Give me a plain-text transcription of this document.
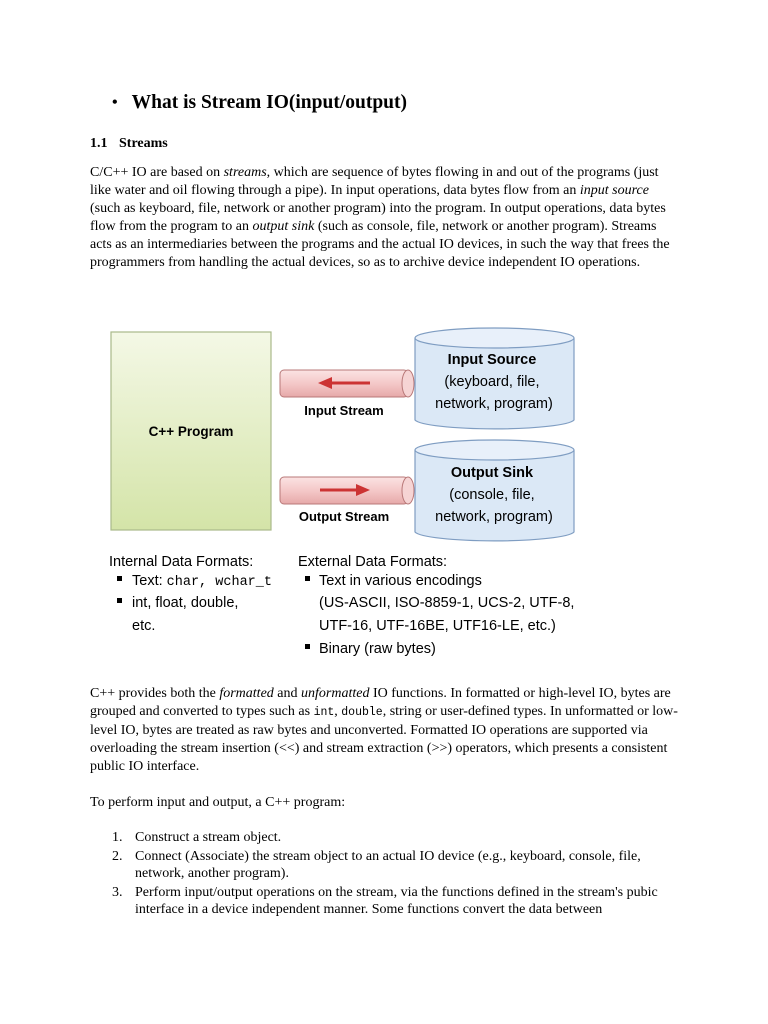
• What is Stream IO(input/output)
1.1 Streams

C/C++ IO are based on streams, which are sequence of bytes flowing in and out of the programs (just like water and oil flowing through a pipe). In input operations, data bytes flow from an input source (such as keyboard, file, network or another program) into the program. In output operations, data bytes flow from the program to an output sink (such as console, file, network or another program). Streams acts as an intermediaries between the programs and the actual IO devices, in such the way that frees the programmers from handling the actual devices, so as to archive device independent IO operations.

C++ Program
Input Stream
Output Stream
Input Source (keyboard, file, network, program)
Output Sink (console, file, network, program)
Internal Data Formats:
Text: char, wchar_t
int, float, double,
etc.
External Data Formats:
Text in various encodings
(US-ASCII, ISO-8859-1, UCS-2, UTF-8,
UTF-16, UTF-16BE, UTF16-LE, etc.)
Binary (raw bytes)

C++ provides both the formatted and unformatted IO functions. In formatted or high-level IO, bytes are grouped and converted to types such as int, double, string or user-defined types. In unformatted or low-level IO, bytes are treated as raw bytes and unconverted. Formatted IO operations are supported via overloading the stream insertion (<<) and stream extraction (>>) operators, which presents a consistent public IO interface.

To perform input and output, a C++ program:

1. Construct a stream object.
2. Connect (Associate) the stream object to an actual IO device (e.g., keyboard, console, file, network, another program).
3. Perform input/output operations on the stream, via the functions defined in the stream's pubic interface in a device independent manner. Some functions convert the data between
